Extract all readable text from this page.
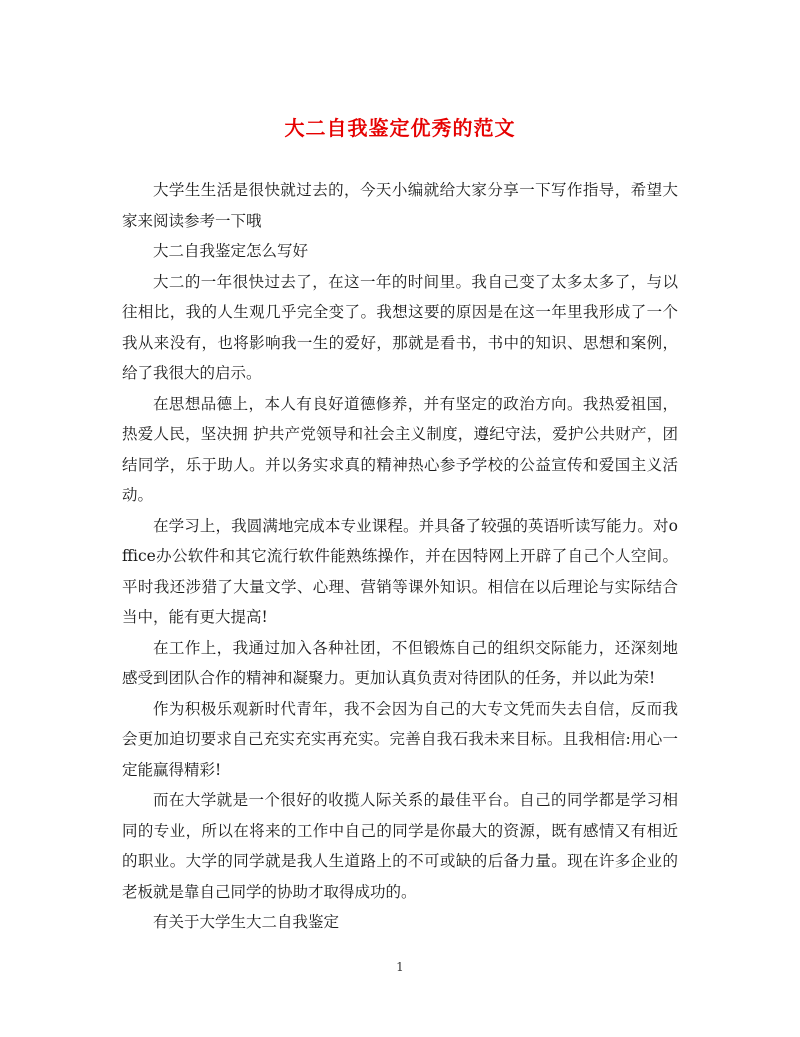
大二自我鉴定优秀的范文

大学生生活是很快就过去的，今天小编就给大家分享一下写作指导，希望大家来阅读参考一下哦

大二自我鉴定怎么写好

大二的一年很快过去了，在这一年的时间里。我自己变了太多太多了，与以往相比，我的人生观几乎完全变了。我想这要的原因是在这一年里我形成了一个我从来没有，也将影响我一生的爱好，那就是看书，书中的知识、思想和案例，给了我很大的启示。

在思想品德上，本人有良好道德修养，并有坚定的政治方向。我热爱祖国，热爱人民，坚决拥 护共产党领导和社会主义制度，遵纪守法，爱护公共财产，团结同学，乐于助人。并以务实求真的精神热心参予学校的公益宣传和爱国主义活动。

在学习上，我圆满地完成本专业课程。并具备了较强的英语听读写能力。对office办公软件和其它流行软件能熟练操作，并在因特网上开辟了自己个人空间。平时我还涉猎了大量文学、心理、营销等课外知识。相信在以后理论与实际结合当中，能有更大提高!

在工作上，我通过加入各种社团，不但锻炼自己的组织交际能力，还深刻地感受到团队合作的精神和凝聚力。更加认真负责对待团队的任务，并以此为荣!

作为积极乐观新时代青年，我不会因为自己的大专文凭而失去自信，反而我会更加迫切要求自己充实充实再充实。完善自我石我未来目标。且我相信:用心一定能赢得精彩!

而在大学就是一个很好的收揽人际关系的最佳平台。自己的同学都是学习相同的专业，所以在将来的工作中自己的同学是你最大的资源，既有感情又有相近的职业。大学的同学就是我人生道路上的不可或缺的后备力量。现在许多企业的老板就是靠自己同学的协助才取得成功的。

有关于大学生大二自我鉴定

1
